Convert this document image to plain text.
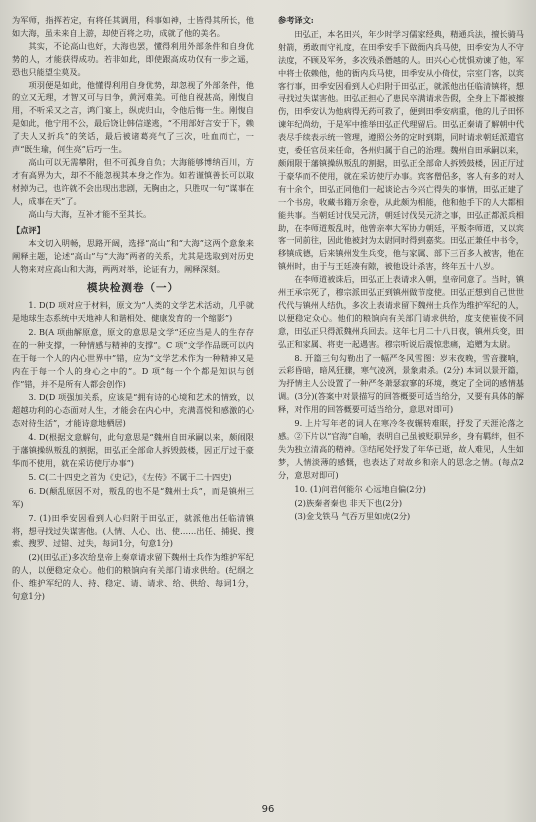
为军师，指挥若定，有将任其调用，科事如神，士皆得其所长，他如大海，虽未来自上游，却使百将之功，成就了他的美名。

其实，不论高山也好，大海也罢，懂得利用外部条件和自身优势的人，才能获得成功。若非如此，即使跟高成功仅有一步之遥，恐也只能望尘莫及。

项羽便是如此，他懂得利用自身优势，却忽视了外部条件，他的立又无理，才智又可与日争，黄河难美。可他自视甚高，刚愎自用，不听采又之言，鸿门宴上，纵虎归山，令他后悔一生。刚愎自是如此，他宁用不公，最后饶让韩信遂逃，“不用部好言安于下，赖了夫人又折兵”的笑话，最后被诸葛亮气了三次，吐血而亡，一声“既生瑜，何生亮”后巧一生。

高山可以无需攀附，但不可孤身自负；大海能够博纳百川，方才有高界为大，却不不能忽视其本身之作为。如若谨慎善长可以取材掉为己，也许就不会出现出悲剧，无胸由之，只胜叹一句“谋事在人，成事在天”了。

高山与大海，互补才能不至其长。

【点评】

本文切入明畅，思路开阔，选择“高山”和“大海”这两个意象来阐释主题，论述“高山”与“大海”两者的关系，尤其是选取到对历史人物来对应高山和大海，两两对举，论证有力，阐释深刻。

模块检测卷（一）

1. D(D 项对应于材料，原文为“人类的文学艺术活动，几乎就是地球生态系统中天地神人和谐相处、健康发育的一个缩影”)

2. B(A 项曲解原意，原文的意思是文学“还应当是人的生存存在的一种支撑，一种情感与精神的支撑”。C 项“文学作品既可以内在于每一个人的内心世界中”错，应为“文学艺术作为一种精神又是内在于每一个人的身心之中的”。D 项“每一个个都是知识与创作”错，并不是所有人都会创作)

3. D(D 项强加关系，应该是“拥有诗的心境和艺术的情致，以超越功利的心态面对人生，才能会在内心中，充满喜悦和感激的心态对待生活”，才能诗意地栖居)

4. D(根据文意解句，此句意思是“魏州自田承嗣以来，颇闹限于藩镇操纵叛乱的割据，田弘正全部命人拆毁鼓楼，因正厅过于豪华而不使用，就在采访使厅办事”)

5. C(二十四史之首为《史记》，《左传》不属于二十四史)

6. D(颠乱原因不对，叛乱的也不是“魏州士兵”，而是镇州三军)

7. (1)田季安因看到人心归附于田弘正，就派他出任临清镇将，想寻找过失谋害他。(人情、人心、出、使……出任、捕捉、搜索、搜罗、过错、过失，每词1分，句意1分)

(2)(田弘正)多次给皇帝上奏章请求留下魏州士兵作为维护军纪的人，以便稳定众心。他们的粮饷向有关部门请求供给。(纪纲之仆、维护军纪的人、持、稳定、请、请求、给、供给、每词1分，句意1分)

参考译文:

田弘正，本名田兴，年少时学习儒家经典，精通兵法，擅长骑马射箭，勇敢而守礼度，在田季安手下做衙内兵马使，田季安为人不守法度，不顾及军务，多次残杀僭越的人。田兴心心忧惧劝谏了他，军中将士依赖他，他的衙内兵马使，田季安从小倚仗，宗室门客，以宾客行事，田季安因看到人心归附于田弘正，就派他出任临清镇将，想寻找过失谋害他。田弘正担心了患民卒满请求告假，全身上下都被擦伤，田季安认为他病得无药可救了，便到田季安病重，他的儿子田怀谏年纪尚幼，于是军中推举田弘正代理留后。田弘正秦请了解朝中代表尽手续表示统一管理，遵照公务的定时到期，同时请求朝廷派遣官吏，委任官员来任命，各州归属于自己的治理。魏州自田承嗣以来，颇闹限于藩镇操纵叛乱的割据，田弘正全部命人拆毁鼓楼，因正厅过于豪华而不使用，就在采访使厅办事。宾客僧侣多，客人有多的对人有十余个，田弘正同他们一起谈论古今兴亡得失的事情，田弘正建了一个书房，收藏书籍万余卷，从此颇为相能，他和他手下的人大都相能共事。当朝廷讨伐吴元济，朝廷讨伐吴元济之事，田弘正都派兵相助，在李师道叛乱时，他曾亲率大军协力朝廷，平叛李师道，又以宾客一同前往，因此他被封为太尉同时得到嘉奖。田弘正兼任中书令，移镇成德，后来镇州发生兵变，他与家属、部下三百多人被害，他在镇州时，由于与王廷凑有隙，被他设计杀害，终年五十八岁。

在李师道被诛后，田弘正上表请求入朝，皇帝同意了。当时，镇州王承宗死了，穆宗派田弘正到镇州做节度使。田弘正想到自己世世代代与镇州人结仇，多次上表请求留下魏州士兵作为维护军纪的人，以便稳定众心。他们的粮饷向有关部门请求供给，度支使崔倰不同意，田弘正只得派魏州兵回去。这年七月二十八日夜，镇州兵变，田弘正和家属、将吏一起遇害。穆宗听说后震惊悲痛，追赠为太尉。

8. 开篇三句勾勒出了一幅严冬风雪图：岁末夜晚，雪音骤响，云彩昏暗，暗风狂骤，寒气凌冽，景象肃杀。(2分) 本词以景开篇，为抒情主人公设置了一种严冬萧瑟寂寥的环境，奠定了全词的感情基调。(3分)(答案中对景描写的回答概要可适当给分，又要有具体的解释，对作用的回答概要可适当给分，意思对即可)

9. 上片写年老的词人在寒冷冬夜辗转难眠，抒发了天涯沦落之感。②下片以“官海”自喻，表明自己虽被贬职异乡，身有羁绊，但不失为独立清高的精神。③结尾处抒发了年华已逝，故人难见，人生如梦，人情淡薄的感慨，也表达了对故乡和亲人的思念之情。(每点2分，意思对即可)

10. (1)问君何能尔 心远地自偏(2分)

(2)族秦者秦也 非天下也(2分)

(3)金戈铁马 气吞万里如虎(2分)

96
